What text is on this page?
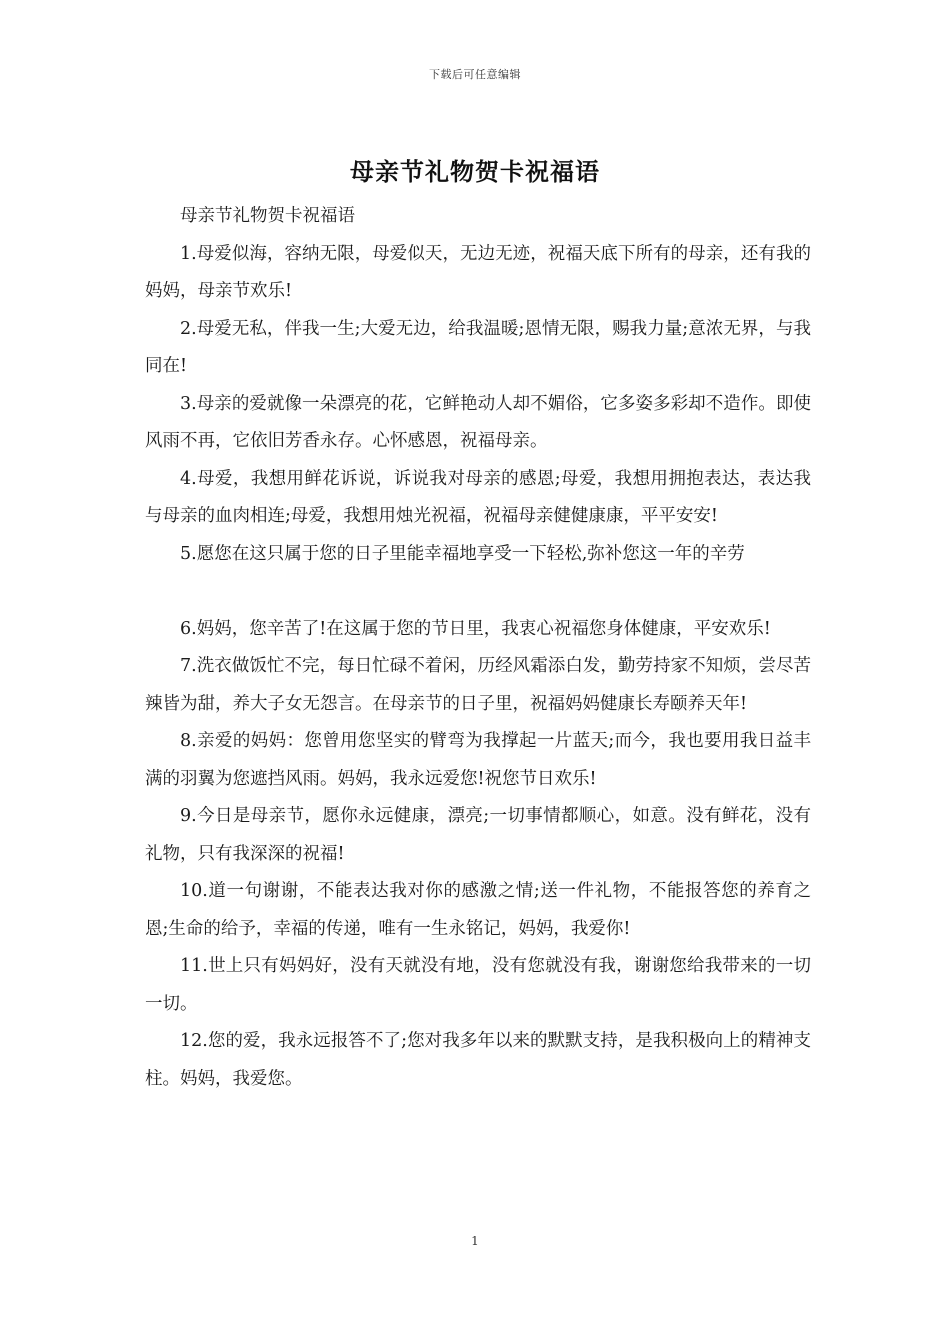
下载后可任意编辑
母亲节礼物贺卡祝福语

母亲节礼物贺卡祝福语

1.母爱似海，容纳无限，母爱似天，无边无迹，祝福天底下所有的母亲，还有我的妈妈，母亲节欢乐!

2.母爱无私，伴我一生;大爱无边，给我温暖;恩情无限，赐我力量;意浓无界，与我同在!

3.母亲的爱就像一朵漂亮的花，它鲜艳动人却不媚俗，它多姿多彩却不造作。即使风雨不再，它依旧芳香永存。心怀感恩，祝福母亲。

4.母爱，我想用鲜花诉说，诉说我对母亲的感恩;母爱，我想用拥抱表达，表达我与母亲的血肉相连;母爱，我想用烛光祝福，祝福母亲健健康康，平平安安!

5.愿您在这只属于您的日子里能幸福地享受一下轻松,弥补您这一年的辛劳

6.妈妈，您辛苦了!在这属于您的节日里，我衷心祝福您身体健康，平安欢乐!

7.洗衣做饭忙不完，每日忙碌不着闲，历经风霜添白发，勤劳持家不知烦，尝尽苦辣皆为甜，养大子女无怨言。在母亲节的日子里，祝福妈妈健康长寿颐养天年!

8.亲爱的妈妈：您曾用您坚实的臂弯为我撑起一片蓝天;而今，我也要用我日益丰满的羽翼为您遮挡风雨。妈妈，我永远爱您!祝您节日欢乐!

9.今日是母亲节，愿你永远健康，漂亮;一切事情都顺心，如意。没有鲜花，没有礼物，只有我深深的祝福!

10.道一句谢谢，不能表达我对你的感激之情;送一件礼物，不能报答您的养育之恩;生命的给予，幸福的传递，唯有一生永铭记，妈妈，我爱你!

11.世上只有妈妈好，没有天就没有地，没有您就没有我，谢谢您给我带来的一切一切。

12.您的爱，我永远报答不了;您对我多年以来的默默支持，是我积极向上的精神支柱。妈妈，我爱您。

1
